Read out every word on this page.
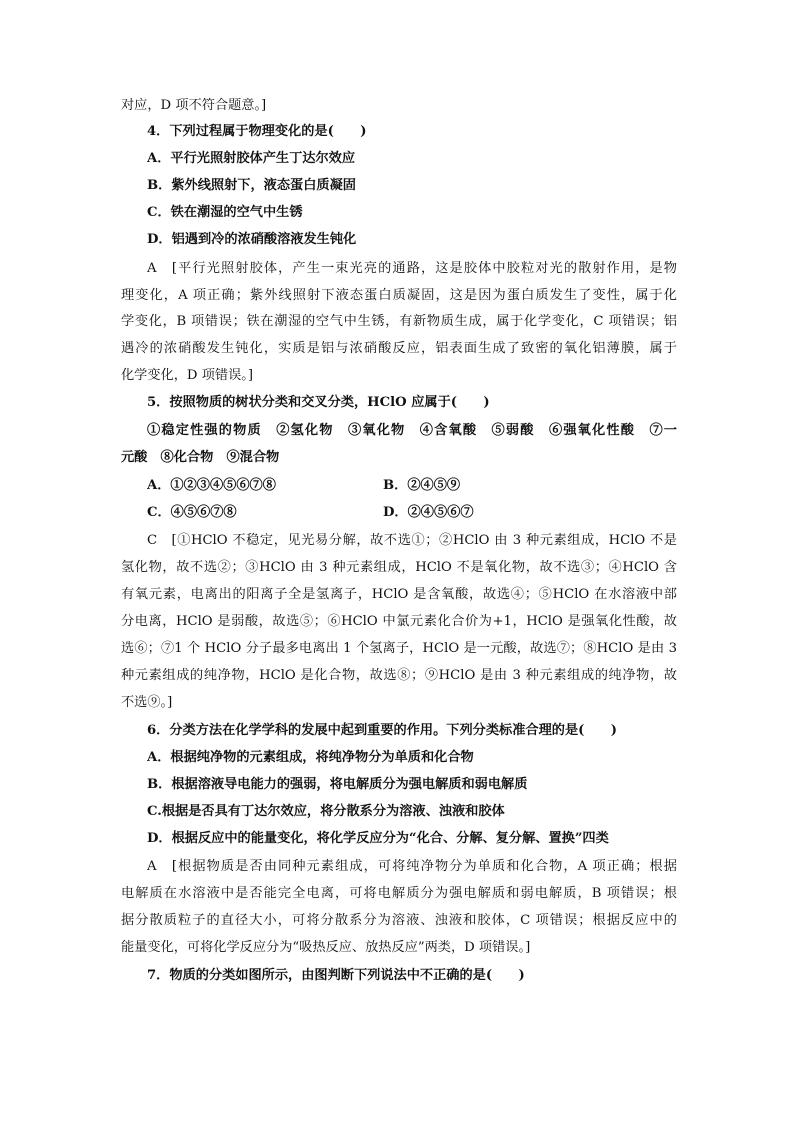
对应，D 项不符合题意。]
4．下列过程属于物理变化的是(　　)
A．平行光照射胶体产生丁达尔效应
B．紫外线照射下，液态蛋白质凝固
C．铁在潮湿的空气中生锈
D．铝遇到冷的浓硝酸溶液发生钝化
A　[平行光照射胶体，产生一束光亮的通路，这是胶体中胶粒对光的散射作用，是物
理变化，A 项正确；紫外线照射下液态蛋白质凝固，这是因为蛋白质发生了变性，属于化
学变化，B 项错误；铁在潮湿的空气中生锈，有新物质生成，属于化学变化，C 项错误；铝
遇冷的浓硝酸发生钝化，实质是铝与浓硝酸反应，铝表面生成了致密的氧化铝薄膜，属于
化学变化，D 项错误。]
5．按照物质的树状分类和交叉分类，HClO 应属于(　　)
①稳定性强的物质　②氢化物　③氧化物　④含氧酸　⑤弱酸　⑥强氧化性酸　⑦一
元酸　⑧化合物　⑨混合物
A．①②③④⑤⑥⑦⑧	B．②④⑤⑨
C．④⑤⑥⑦⑧	D．②④⑤⑥⑦
C　[①HClO 不稳定，见光易分解，故不选①；②HClO 由 3 种元素组成，HClO 不是
氢化物，故不选②；③HClO 由 3 种元素组成，HClO 不是氧化物，故不选③；④HClO 含
有氧元素，电离出的阳离子全是氢离子，HClO 是含氧酸，故选④；⑤HClO 在水溶液中部
分电离，HClO 是弱酸，故选⑤；⑥HClO 中氯元素化合价为+1，HClO 是强氧化性酸，故
选⑥；⑦1 个 HClO 分子最多电离出 1 个氢离子，HClO 是一元酸，故选⑦；⑧HClO 是由 3
种元素组成的纯净物，HClO 是化合物，故选⑧；⑨HClO 是由 3 种元素组成的纯净物，故
不选⑨。]
6．分类方法在化学学科的发展中起到重要的作用。下列分类标准合理的是(　　)
A．根据纯净物的元素组成，将纯净物分为单质和化合物
B．根据溶液导电能力的强弱，将电解质分为强电解质和弱电解质
C.根据是否具有丁达尔效应，将分散系分为溶液、浊液和胶体
D．根据反应中的能量变化，将化学反应分为“化合、分解、复分解、置换”四类
A　[根据物质是否由同种元素组成，可将纯净物分为单质和化合物，A 项正确；根据
电解质在水溶液中是否能完全电离，可将电解质分为强电解质和弱电解质，B 项错误；根
据分散质粒子的直径大小，可将分散系分为溶液、浊液和胶体，C 项错误；根据反应中的
能量变化，可将化学反应分为“吸热反应、放热反应”两类，D 项错误。]
7．物质的分类如图所示，由图判断下列说法中不正确的是(　　)
